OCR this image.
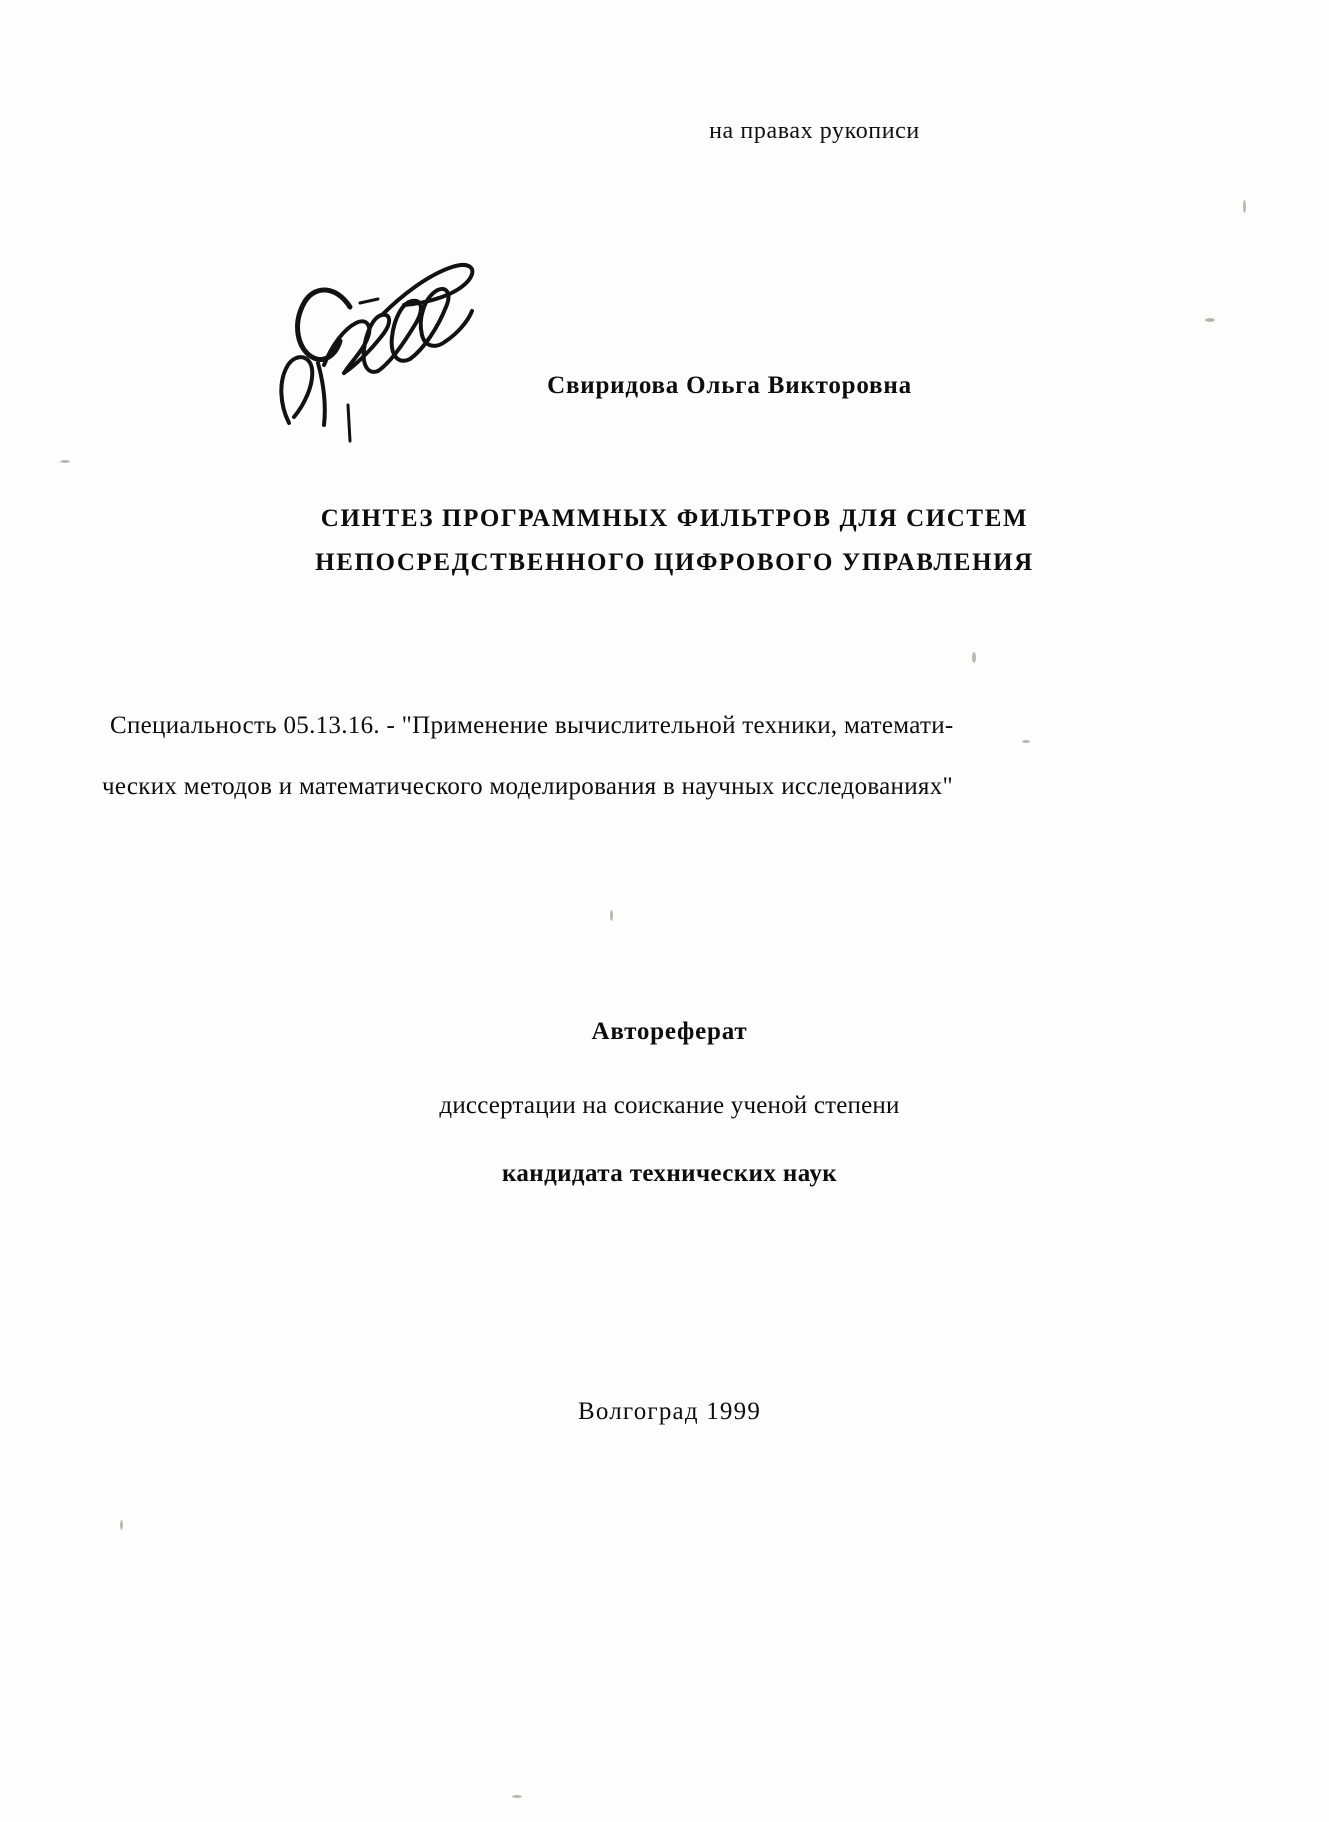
на правах рукописи
Свиридова Ольга Викторовна
СИНТЕЗ ПРОГРАММНЫХ ФИЛЬТРОВ ДЛЯ СИСТЕМ
НЕПОСРЕДСТВЕННОГО ЦИФРОВОГО УПРАВЛЕНИЯ
Специальность 05.13.16. - "Применение вычислительной техники, математи-
ческих методов и математического моделирования в научных исследованиях"
Автореферат
диссертации на соискание ученой степени
кандидата технических наук
Волгоград 1999
